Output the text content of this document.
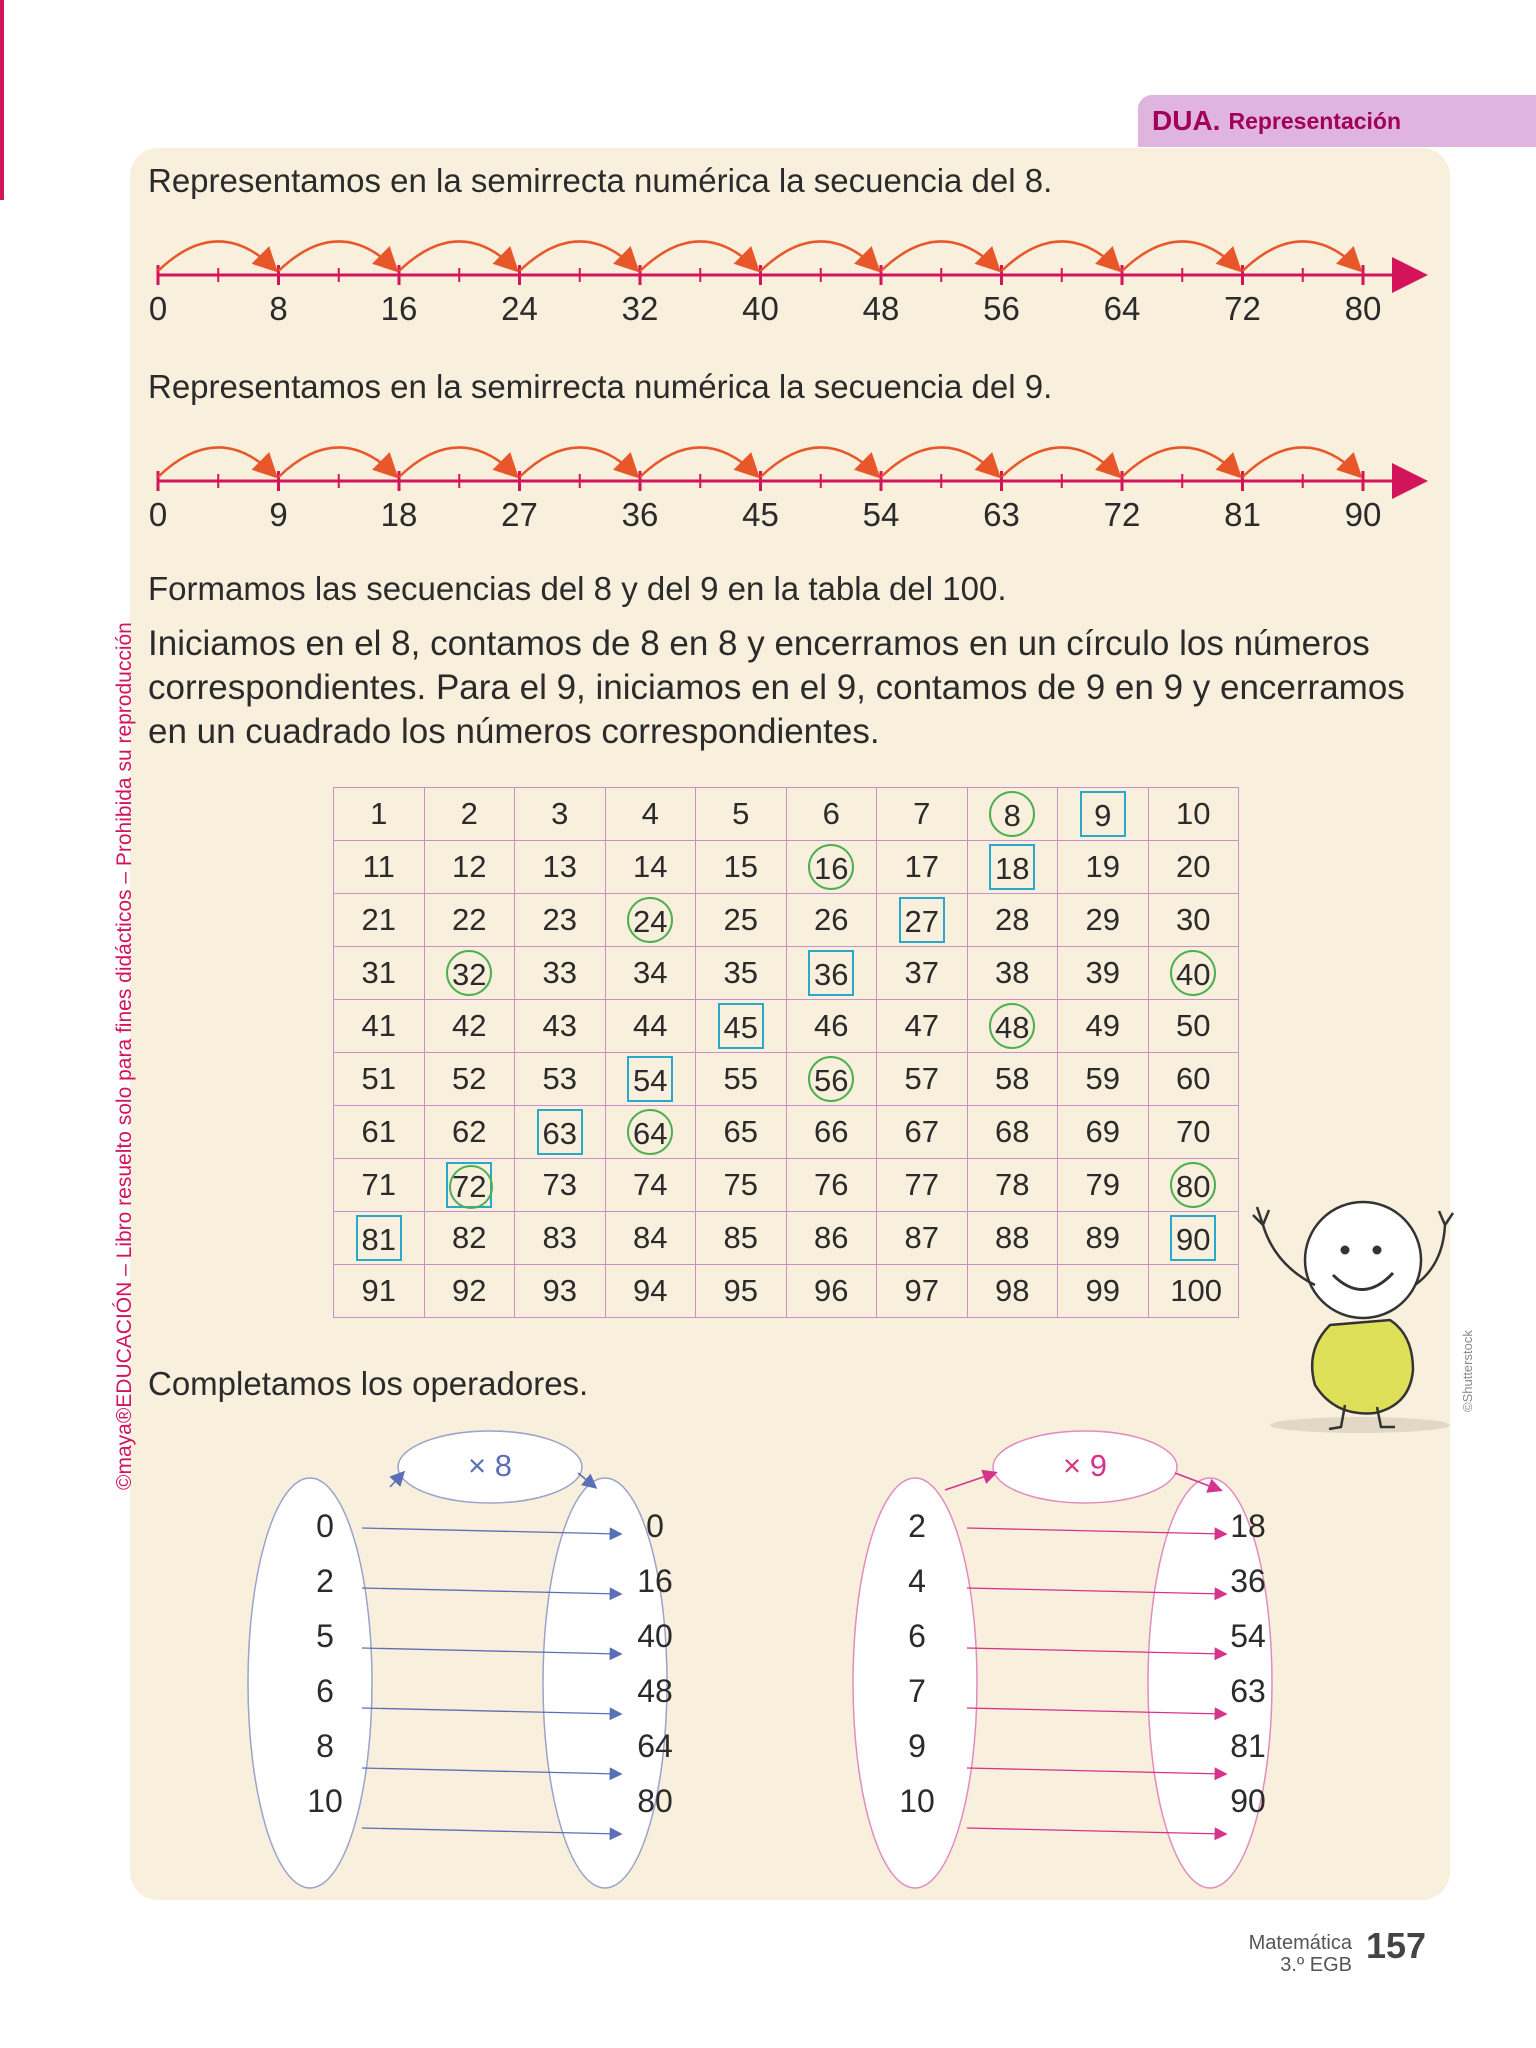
DUA. Representación
©maya®EDUCACIÓN – Libro resuelto solo para fines didácticos – Prohibida su reproducción
Representamos en la semirrecta numérica la secuencia del 8.
0	8	16	24	32	40	48	56	64	72	80
Representamos en la semirrecta numérica la secuencia del 9.
0	9	18	27	36	45	54	63	72	81	90
Formamos las secuencias del 8 y del 9 en la tabla del 100.
Iniciamos en el 8, contamos de 8 en 8 y encerramos en un círculo los números correspondientes. Para el 9, iniciamos en el 9, contamos de 9 en 9 y encerramos en un cuadrado los números correspondientes.
1	2	3	4	5	6	7	8	9	10
11	12	13	14	15	16	17	18	19	20
21	22	23	24	25	26	27	28	29	30
31	32	33	34	35	36	37	38	39	40
41	42	43	44	45	46	47	48	49	50
51	52	53	54	55	56	57	58	59	60
61	62	63	64	65	66	67	68	69	70
71	72	73	74	75	76	77	78	79	80
81	82	83	84	85	86	87	88	89	90
91	92	93	94	95	96	97	98	99	100
©Shutterstock
Completamos los operadores.
× 8
0
2
5
6
8
10
0
16
40
48
64
80
× 9
2
4
6
7
9
10
18
36
54
63
81
90
Matemática
3.º EGB 157
